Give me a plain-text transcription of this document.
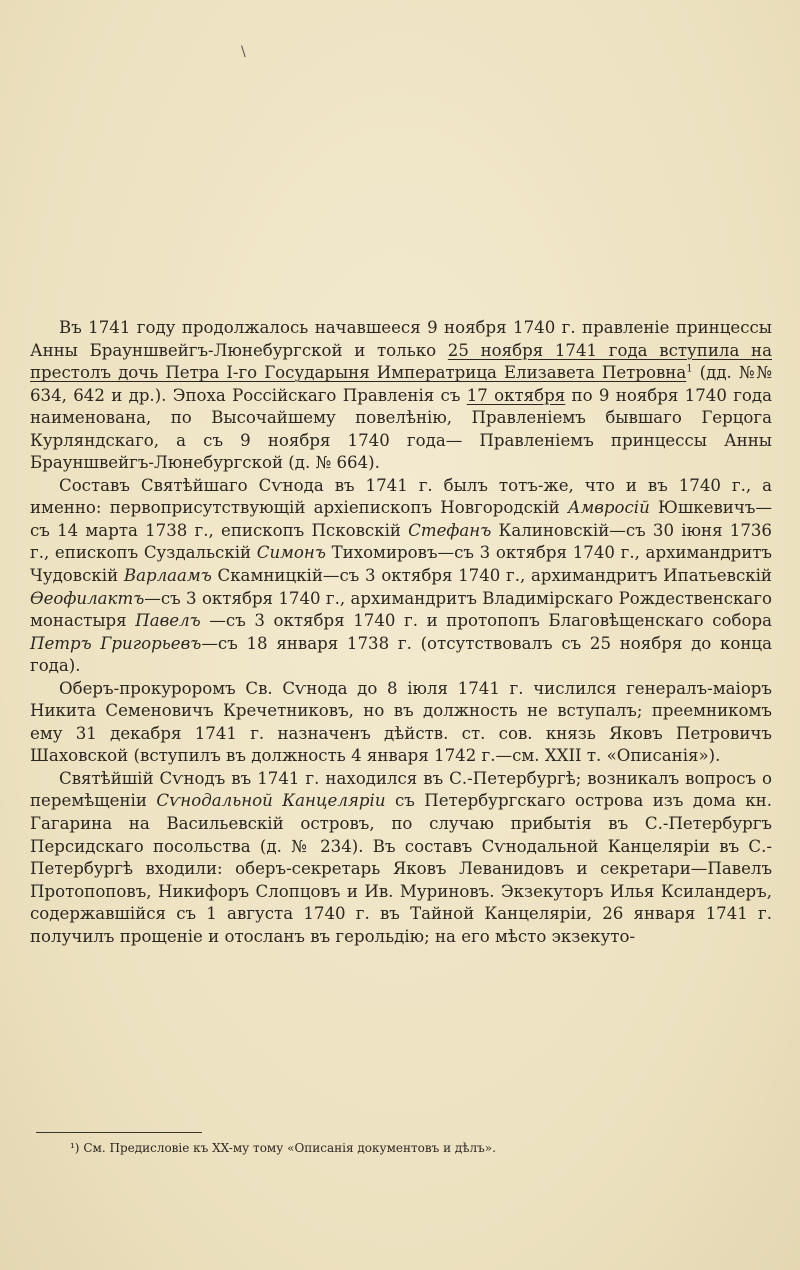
\

Въ 1741 году продолжалось начавшееся 9 ноября 1740 г. правленіе принцессы Анны Брауншвейгъ-Люнебургской и только 25 ноября 1741 года вступила на престолъ дочь Петра I-го Государыня Императрица Елизавета Петровна$^1$ (дд. №№ 634, 642 и др.). Эпоха Россійскаго Правленія съ 17 октября по 9 ноября 1740 года наименована, по Высочайшему повелѣнію, Правленіемъ бывшаго Герцога Курляндскаго, а съ 9 ноября 1740 года— Правленіемъ принцессы Анны Брауншвейгъ-Люнебургской (д. № 664).

Составъ Святѣйшаго Сѵнода въ 1741 г. былъ тотъ-же, что и въ 1740 г., а именно: первоприсутствующій архіепископъ Новгородскій Амвросій Юшкевичъ—съ 14 марта 1738 г., епископъ Псковскій Стефанъ Калиновскій—съ 30 іюня 1736 г., епископъ Суздальскій Симонъ Тихомировъ—съ 3 октября 1740 г., архимандритъ Чудовскій Варлаамъ Скамницкій—съ 3 октября 1740 г., архимандритъ Ипатьевскій Ѳеофилактъ—съ 3 октября 1740 г., архимандритъ Владимірскаго Рождественскаго монастыря Павелъ —съ 3 октября 1740 г. и протопопъ Благовѣщенскаго собора Петръ Григорьевъ—съ 18 января 1738 г. (отсутствовалъ съ 25 ноября до конца года).

Оберъ-прокуроромъ Св. Сѵнода до 8 іюля 1741 г. числился генералъ-маіоръ Никита Семеновичъ Кречетниковъ, но въ должность не вступалъ; преемникомъ ему 31 декабря 1741 г. назначенъ дѣйств. ст. сов. князь Яковъ Петровичъ Шаховской (вступилъ въ должность 4 января 1742 г.—см. XXII т. «Описанія»).

Святѣйшій Сѵнодъ въ 1741 г. находился въ С.-Петербургѣ; возникалъ вопросъ о перемѣщеніи Сѵнодальной Канцеляріи съ Петербургскаго острова изъ дома кн. Гагарина на Васильевскій островъ, по случаю прибытія въ С.-Петербургъ Персидскаго посольства (д. № 234). Въ составъ Сѵнодальной Канцеляріи въ С.-Петербургѣ входили: оберъ-секретарь Яковъ Леванидовъ и секретари—Павелъ Протопоповъ, Никифоръ Слопцовъ и Ив. Муриновъ. Экзекуторъ Илья Ксиландеръ, содержавшійся съ 1 августа 1740 г. въ Тайной Канцеляріи, 26 января 1741 г. получилъ прощеніе и отосланъ въ герольдію; на его мѣсто экзекуто-

¹) См. Предисловіе къ XX-му тому «Описанія документовъ и дѣлъ».
